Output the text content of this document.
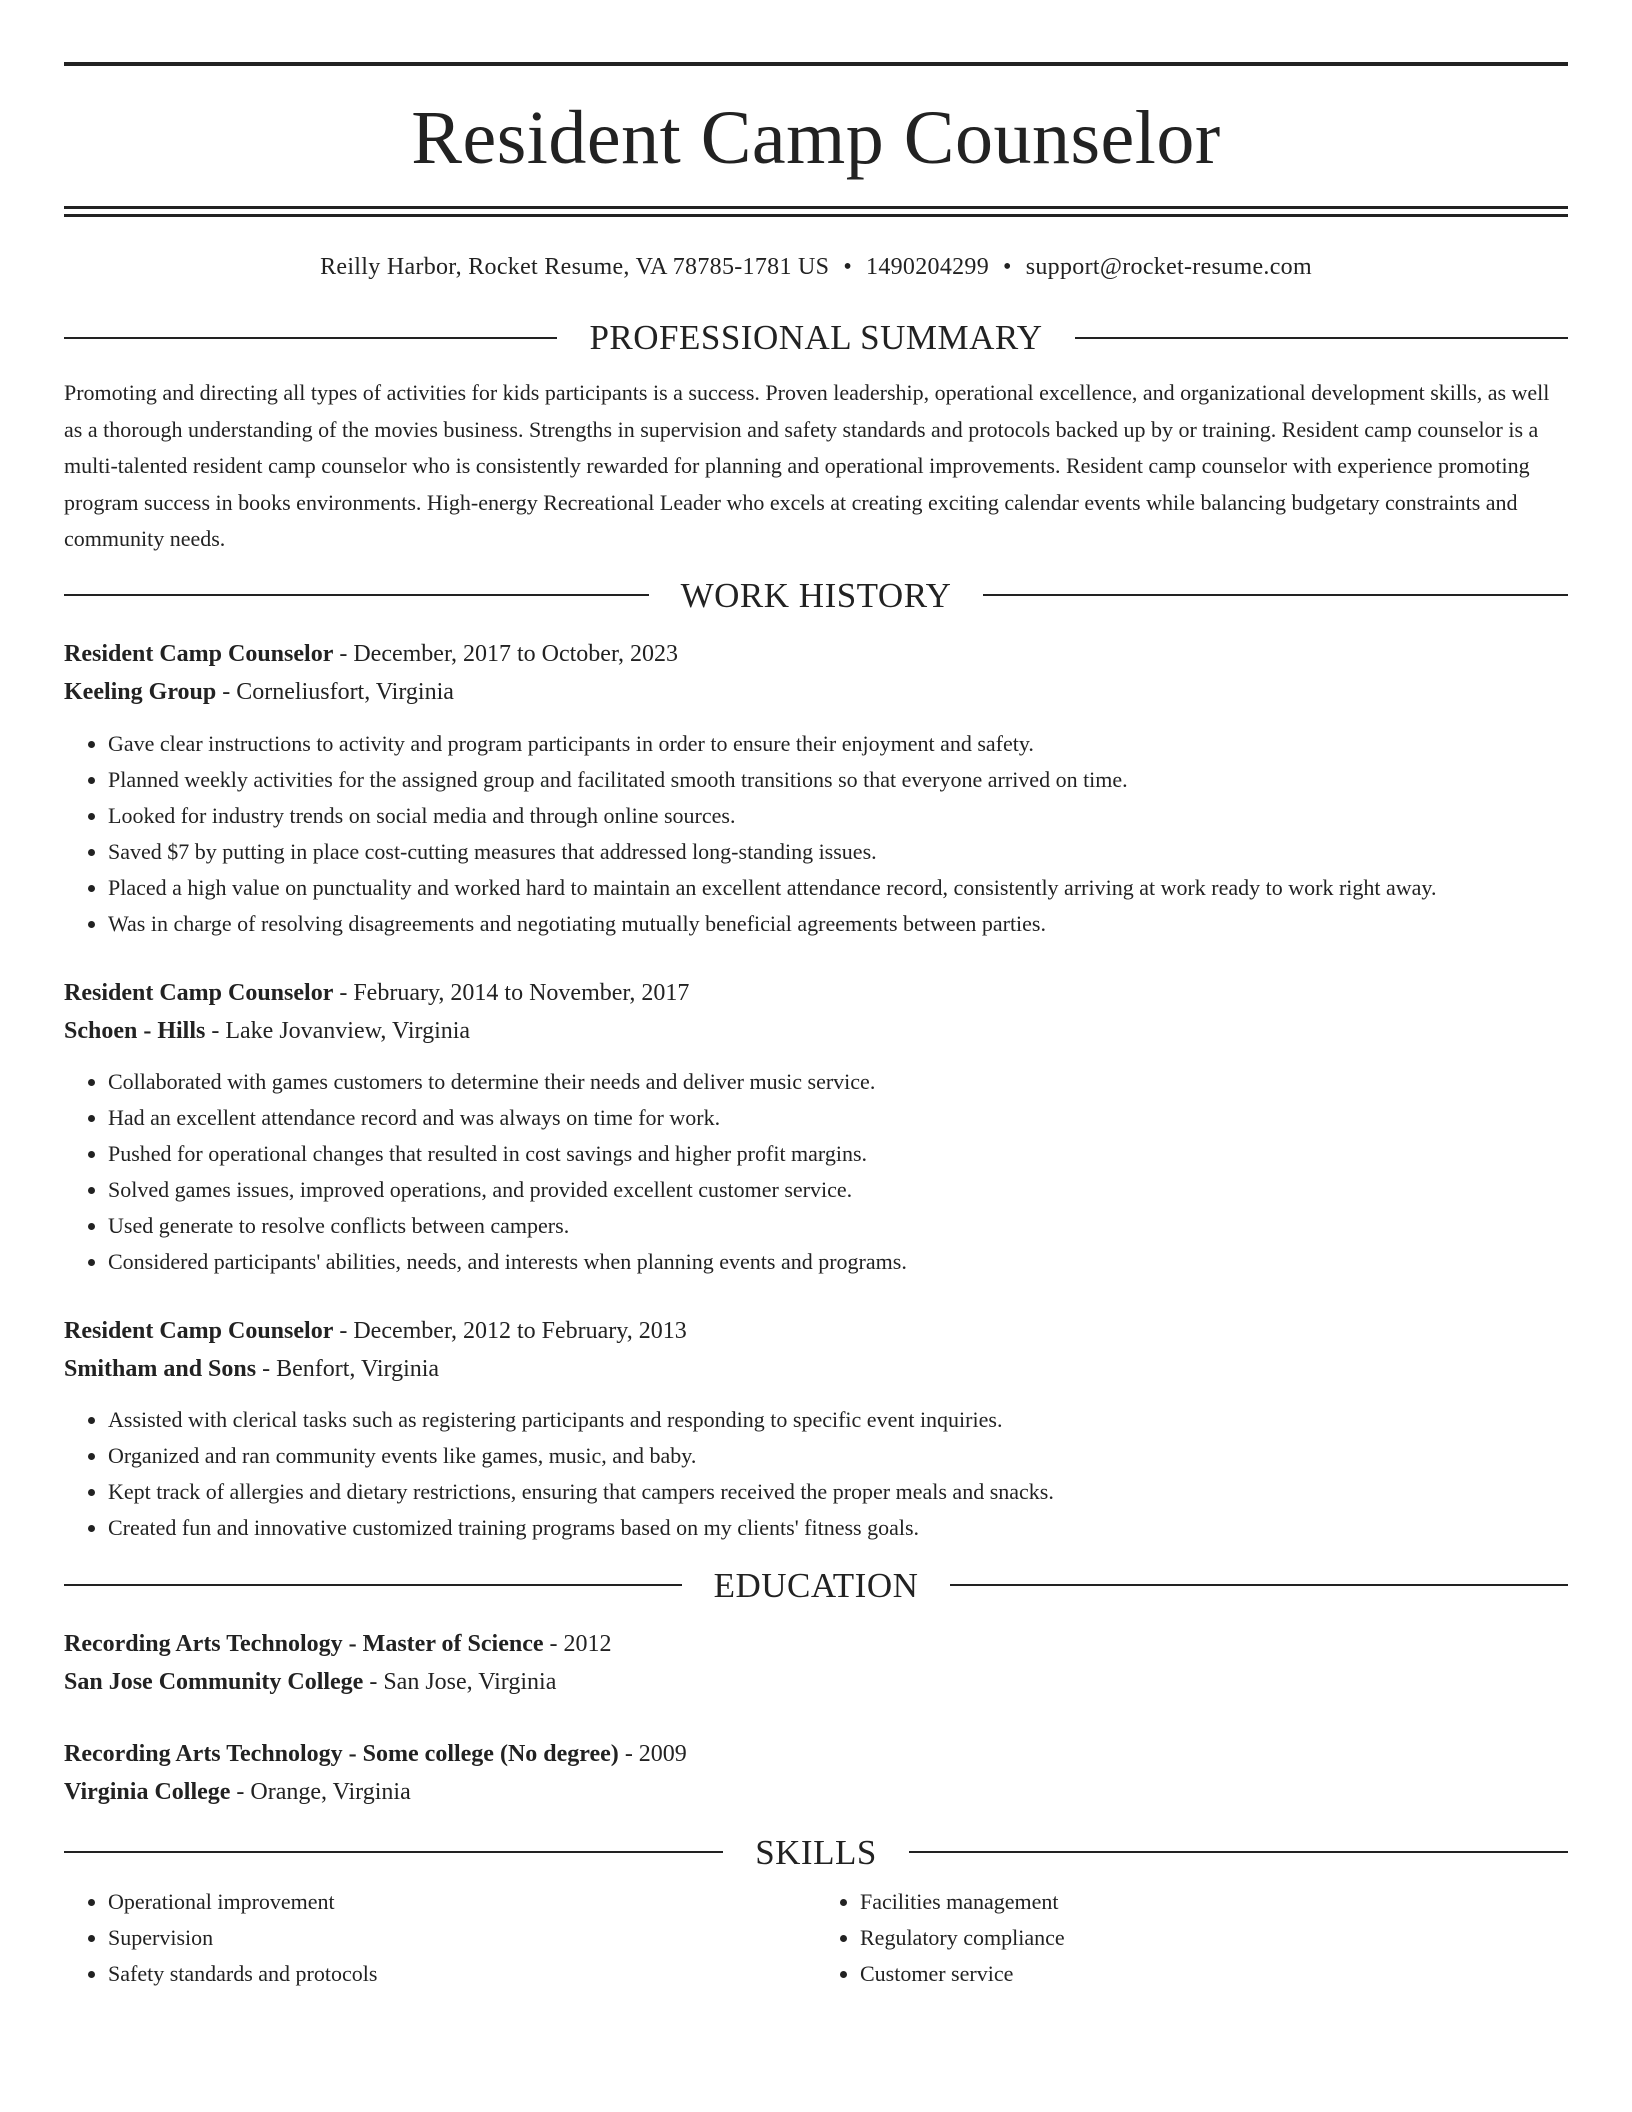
Resident Camp Counselor
Reilly Harbor, Rocket Resume, VA 78785-1781 US • 1490204299 • support@rocket-resume.com
PROFESSIONAL SUMMARY

Promoting and directing all types of activities for kids participants is a success. Proven leadership, operational excellence, and organizational development skills, as well as a thorough understanding of the movies business. Strengths in supervision and safety standards and protocols backed up by or training. Resident camp counselor is a multi-talented resident camp counselor who is consistently rewarded for planning and operational improvements. Resident camp counselor with experience promoting program success in books environments. High-energy Recreational Leader who excels at creating exciting calendar events while balancing budgetary constraints and community needs.

WORK HISTORY
Resident Camp Counselor - December, 2017 to October, 2023
Keeling Group - Corneliusfort, Virginia
• Gave clear instructions to activity and program participants in order to ensure their enjoyment and safety.
• Planned weekly activities for the assigned group and facilitated smooth transitions so that everyone arrived on time.
• Looked for industry trends on social media and through online sources.
• Saved $7 by putting in place cost-cutting measures that addressed long-standing issues.
• Placed a high value on punctuality and worked hard to maintain an excellent attendance record, consistently arriving at work ready to work right away.
• Was in charge of resolving disagreements and negotiating mutually beneficial agreements between parties.
Resident Camp Counselor - February, 2014 to November, 2017
Schoen - Hills - Lake Jovanview, Virginia
• Collaborated with games customers to determine their needs and deliver music service.
• Had an excellent attendance record and was always on time for work.
• Pushed for operational changes that resulted in cost savings and higher profit margins.
• Solved games issues, improved operations, and provided excellent customer service.
• Used generate to resolve conflicts between campers.
• Considered participants' abilities, needs, and interests when planning events and programs.
Resident Camp Counselor - December, 2012 to February, 2013
Smitham and Sons - Benfort, Virginia
• Assisted with clerical tasks such as registering participants and responding to specific event inquiries.
• Organized and ran community events like games, music, and baby.
• Kept track of allergies and dietary restrictions, ensuring that campers received the proper meals and snacks.
• Created fun and innovative customized training programs based on my clients' fitness goals.
EDUCATION
Recording Arts Technology - Master of Science - 2012
San Jose Community College - San Jose, Virginia
Recording Arts Technology - Some college (No degree) - 2009
Virginia College - Orange, Virginia
SKILLS
• Operational improvement
• Supervision
• Safety standards and protocols
• Facilities management
• Regulatory compliance
• Customer service
